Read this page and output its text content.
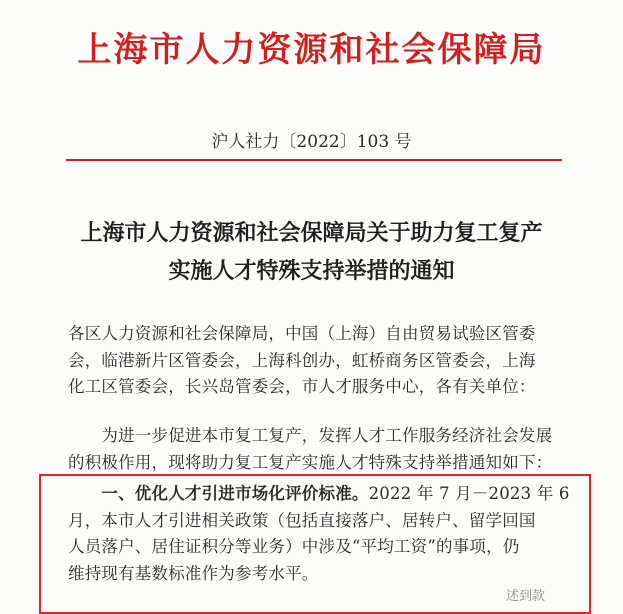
上海市人力资源和社会保障局
沪人社力〔2022〕103 号
上海市人力资源和社会保障局关于助力复工复产
实施人才特殊支持举措的通知
各区人力资源和社会保障局，中国（上海）自由贸易试验区管委
会，临港新片区管委会，上海科创办，虹桥商务区管委会，上海
化工区管委会，长兴岛管委会，市人才服务中心，各有关单位：
　　为进一步促进本市复工复产，发挥人才工作服务经济社会发展
的积极作用，现将助力复工复产实施人才特殊支持举措通知如下：
　　一、优化人才引进市场化评价标准。2022 年 7 月－2023 年 6
月，本市人才引进相关政策（包括直接落户、居转户、留学回国
人员落户、居住证积分等业务）中涉及“平均工资”的事项，仍
维持现有基数标准作为参考水平。
述到款
